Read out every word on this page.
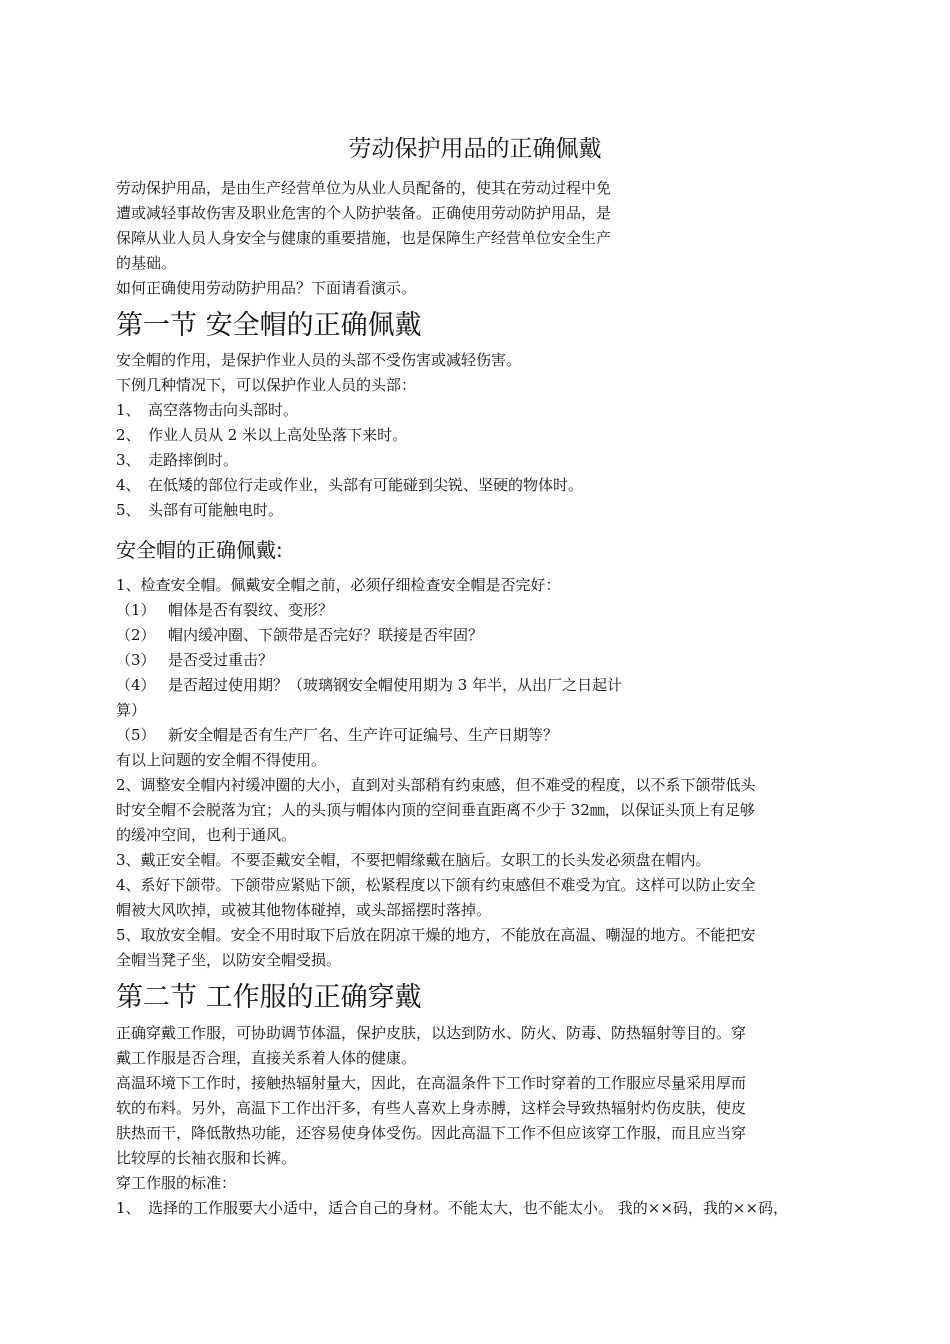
劳动保护用品的正确佩戴
劳动保护用品，是由生产经营单位为从业人员配备的，使其在劳动过程中免
遭或减轻事故伤害及职业危害的个人防护装备。正确使用劳动防护用品，是
保障从业人员人身安全与健康的重要措施，也是保障生产经营单位安全生产
的基础。
如何正确使用劳动防护用品？下面请看演示。
第一节 安全帽的正确佩戴
安全帽的作用，是保护作业人员的头部不受伤害或减轻伤害。
下例几种情况下，可以保护作业人员的头部：
1、 高空落物击向头部时。
2、 作业人员从 2 米以上高处坠落下来时。
3、 走路摔倒时。
4、 在低矮的部位行走或作业，头部有可能碰到尖锐、坚硬的物体时。
5、 头部有可能触电时。
安全帽的正确佩戴:
1、检查安全帽。佩戴安全帽之前，必须仔细检查安全帽是否完好：
（1） 帽体是否有裂纹、变形？
（2） 帽内缓冲圈、下颌带是否完好？联接是否牢固？
（3） 是否受过重击？
（4） 是否超过使用期？（玻璃钢安全帽使用期为 3 年半，从出厂之日起计
算）
（5） 新安全帽是否有生产厂名、生产许可证编号、生产日期等？
有以上问题的安全帽不得使用。
2、调整安全帽内衬缓冲圈的大小，直到对头部稍有约束感，但不难受的程度，以不系下颌带低头
时安全帽不会脱落为宜；人的头顶与帽体内顶的空间垂直距离不少于 32㎜，以保证头顶上有足够
的缓冲空间，也利于通风。
3、戴正安全帽。不要歪戴安全帽，不要把帽缘戴在脑后。女职工的长头发必须盘在帽内。
4、系好下颌带。下颌带应紧贴下颌，松紧程度以下颌有约束感但不难受为宜。这样可以防止安全
帽被大风吹掉，或被其他物体碰掉，或头部摇摆时落掉。
5、取放安全帽。安全不用时取下后放在阴凉干燥的地方，不能放在高温、嘲湿的地方。不能把安
全帽当凳子坐，以防安全帽受损。
第二节 工作服的正确穿戴
正确穿戴工作服，可协助调节体温，保护皮肤，以达到防水、防火、防毒、防热辐射等目的。穿
戴工作服是否合理，直接关系着人体的健康。
高温环境下工作时，接触热辐射量大，因此，在高温条件下工作时穿着的工作服应尽量采用厚而
软的布料。另外，高温下工作出汗多，有些人喜欢上身赤膊，这样会导致热辐射灼伤皮肤，使皮
肤热而干，降低散热功能，还容易使身体受伤。因此高温下工作不但应该穿工作服，而且应当穿
比较厚的长袖衣服和长裤。
穿工作服的标准：
1、 选择的工作服要大小适中，适合自己的身材。不能太大，也不能太小。 我的××码，我的××码，
